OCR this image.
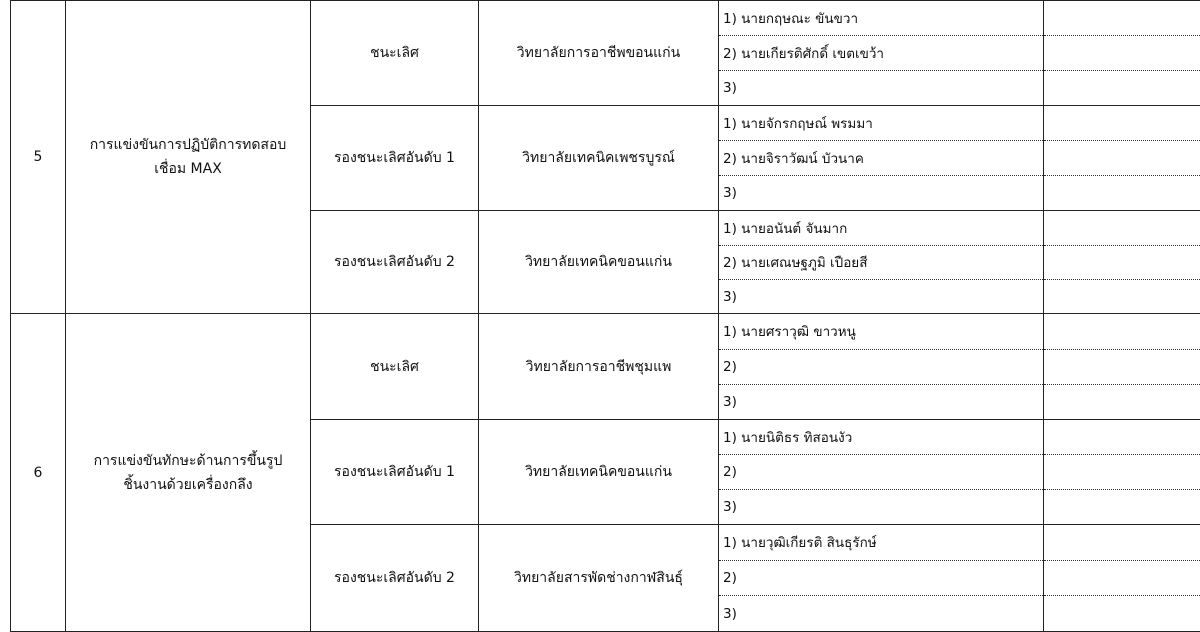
5	การแข่งขันการปฏิบัติการทดสอบ เชื่อม MAX	ชนะเลิศ	วิทยาลัยการอาชีพขอนแก่น	1) นายกฤษณะ ขันขวา
2) นายเกียรติศักดิ์ เขตเขว้า
3)	

		รองชนะเลิศอันดับ 1	วิทยาลัยเทคนิคเพชรบูรณ์	1) นายจักรกฤษณ์ พรมมา
2) นายจิราวัฒน์ บัวนาค
3)	

		รองชนะเลิศอันดับ 2	วิทยาลัยเทคนิคขอนแก่น	1) นายอนันต์ จันมาก
2) นายเศณษฐภูมิ เปือยสี
3)	

6	การแข่งขันทักษะด้านการขึ้นรูป ชิ้นงานด้วยเครื่องกลึง	ชนะเลิศ	วิทยาลัยการอาชีพชุมแพ	1) นายศราวุฒิ ขาวหนู
2)
3)	

		รองชนะเลิศอันดับ 1	วิทยาลัยเทคนิคขอนแก่น	1) นายนิติธร ทิสอนงัว
2)
3)	

		รองชนะเลิศอันดับ 2	วิทยาลัยสารพัดช่างกาฬสินธุ์	1) นายวุฒิเกียรติ สินธุรักษ์
2)
3)	
